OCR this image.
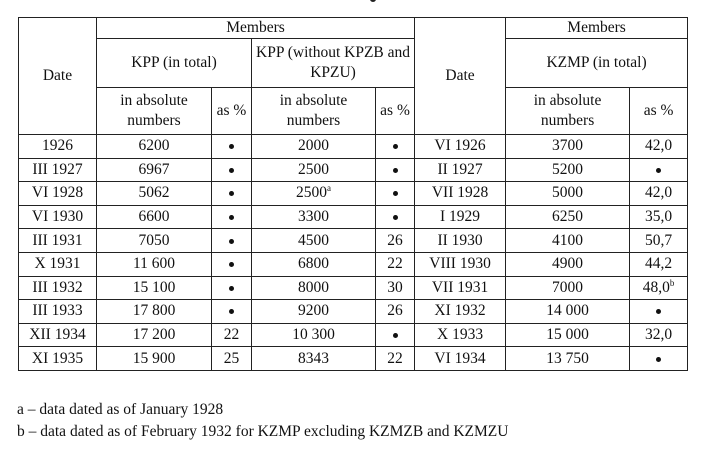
Date	Members				Date	Members	
	KPP (in total)		KPP (without KPZB and KPZU)			KZMP (in total)	
	in absolute numbers	as %	in absolute numbers	as %		in absolute numbers	as %
1926	6200		2000		VI 1926	3700	42,0
III 1927	6967		2500		II 1927	5200	
VI 1928	5062		2500$^a$		VII 1928	5000	42,0
VI 1930	6600		3300		I 1929	6250	35,0
III 1931	7050		4500	26	II 1930	4100	50,7
X 1931	11 600		6800	22	VIII 1930	4900	44,2
III 1932	15 100		8000	30	VII 1931	7000	48,0$^b$
III 1933	17 800		9200	26	XI 1932	14 000	
XII 1934	17 200	22	10 300		X 1933	15 000	32,0
XI 1935	15 900	25	8343	22	VI 1934	13 750	
a – data dated as of January 1928
b – data dated as of February 1932 for KZMP excluding KZMZB and KZMZU
